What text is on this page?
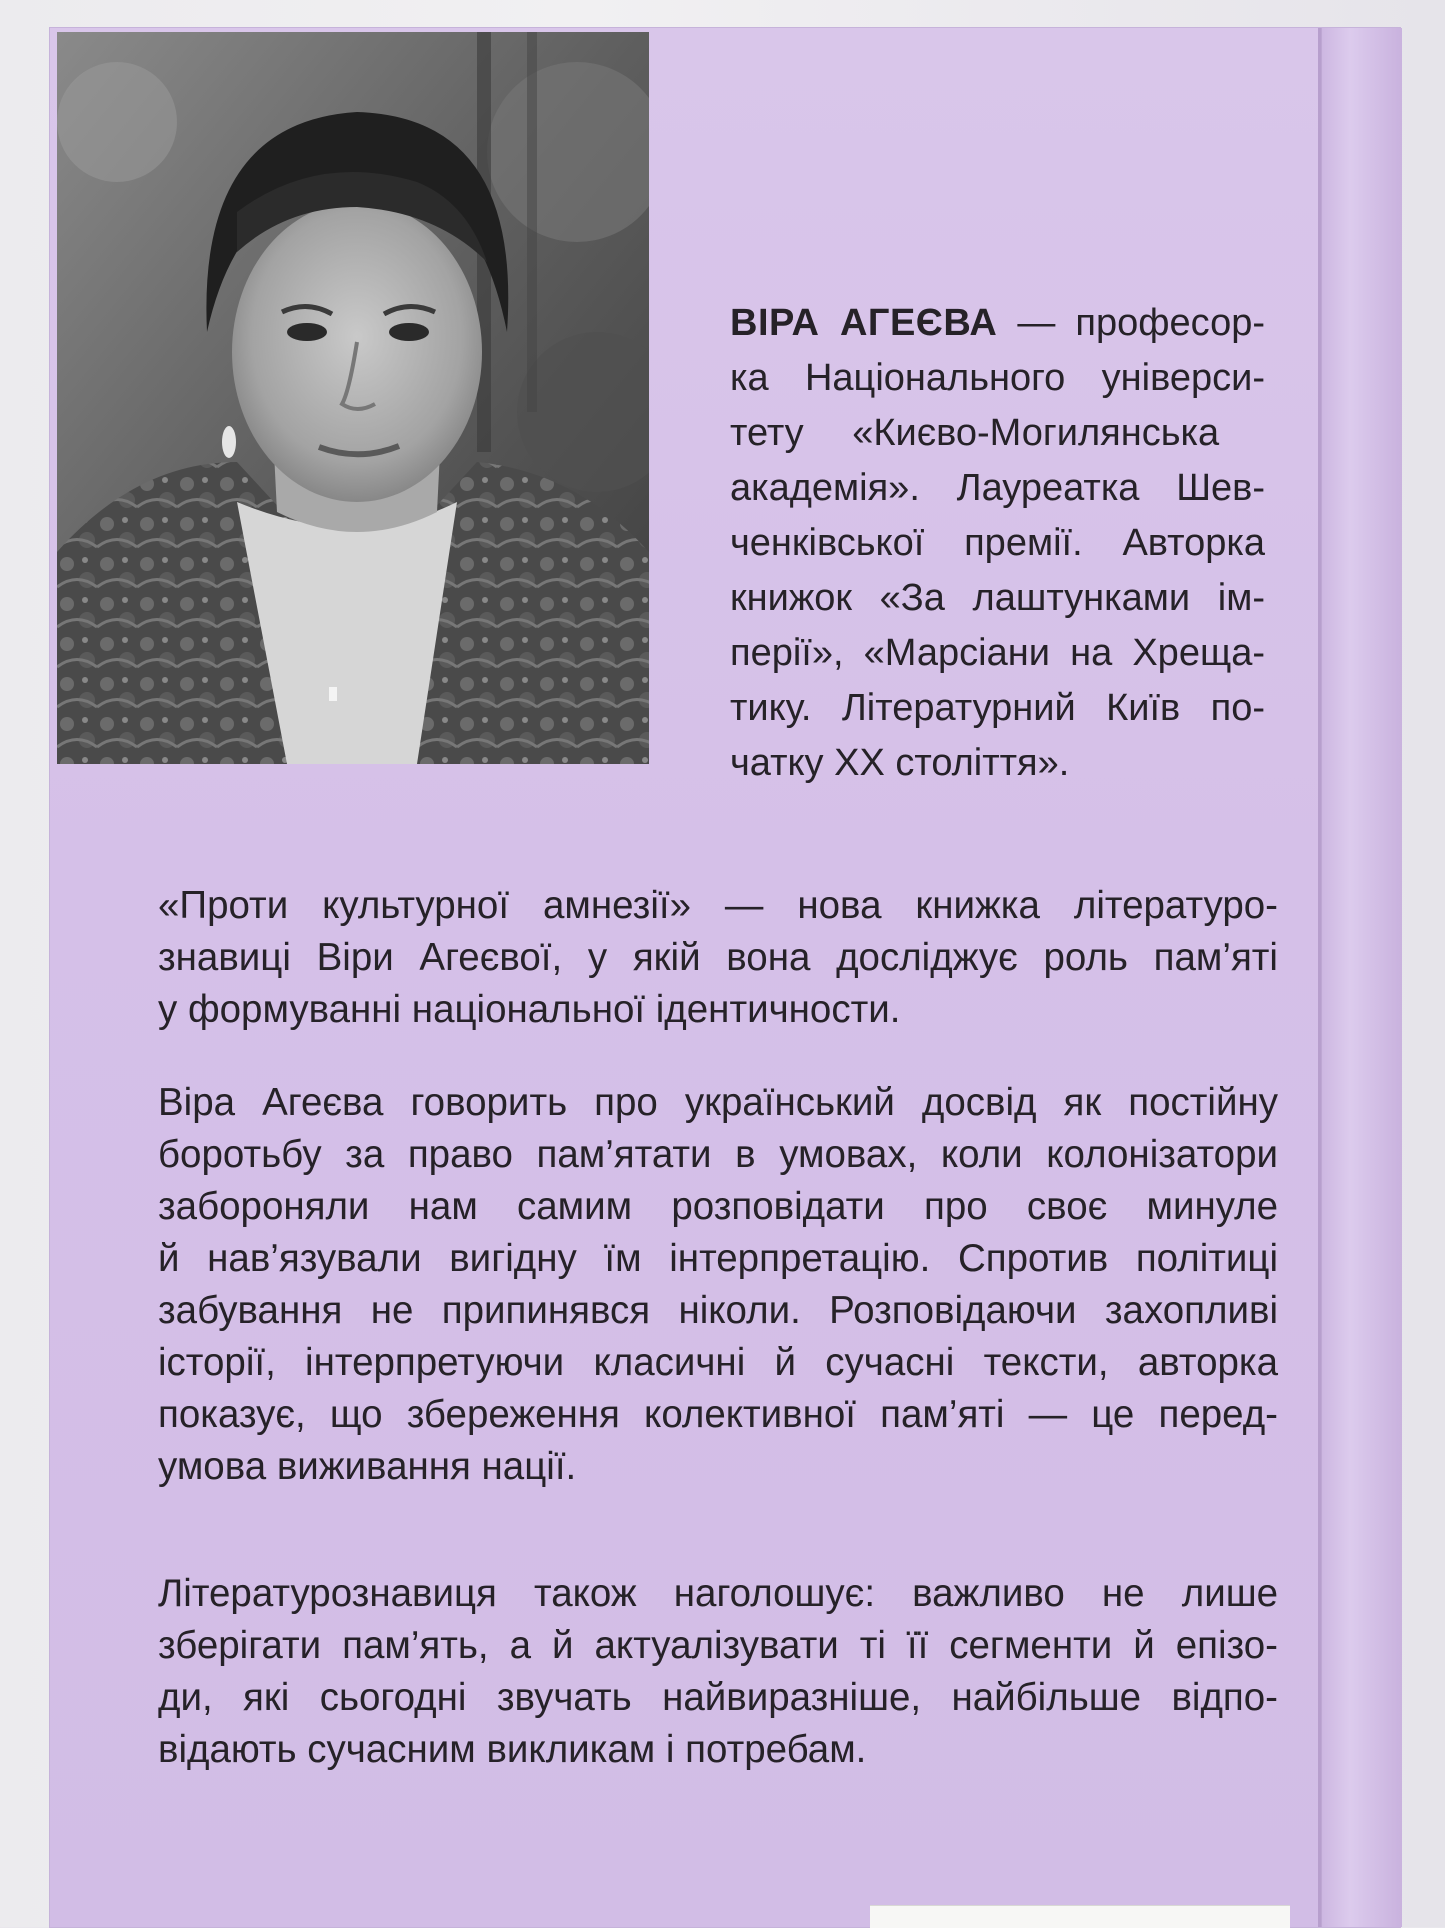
ВІРА АГЕЄВА — професор-
ка Національного універси-
тету «Києво-Могилянська
академія». Лауреатка Шев-
ченківської премії. Авторка
книжок «За лаштунками ім-
перії», «Марсіани на Хреща-
тику. Літературний Київ по-
чатку ХХ століття».
«Проти культурної амнезії» — нова книжка літературо-
знавиці Віри Агеєвої, у якій вона досліджує роль пам’яті
у формуванні національної ідентичности.
Віра Агеєва говорить про український досвід як постійну
боротьбу за право пам’ятати в умовах, коли колонізатори
забороняли нам самим розповідати про своє минуле
й нав’язували вигідну їм інтерпретацію. Спротив політиці
забування не припинявся ніколи. Розповідаючи захопливі
історії, інтерпретуючи класичні й сучасні тексти, авторка
показує, що збереження колективної пам’яті — це перед-
умова виживання нації.
Літературознавиця також наголошує: важливо не лише
зберігати пам’ять, а й актуалізувати ті її сегменти й епізо-
ди, які сьогодні звучать найвиразніше, найбільше відпо-
відають сучасним викликам і потребам.
